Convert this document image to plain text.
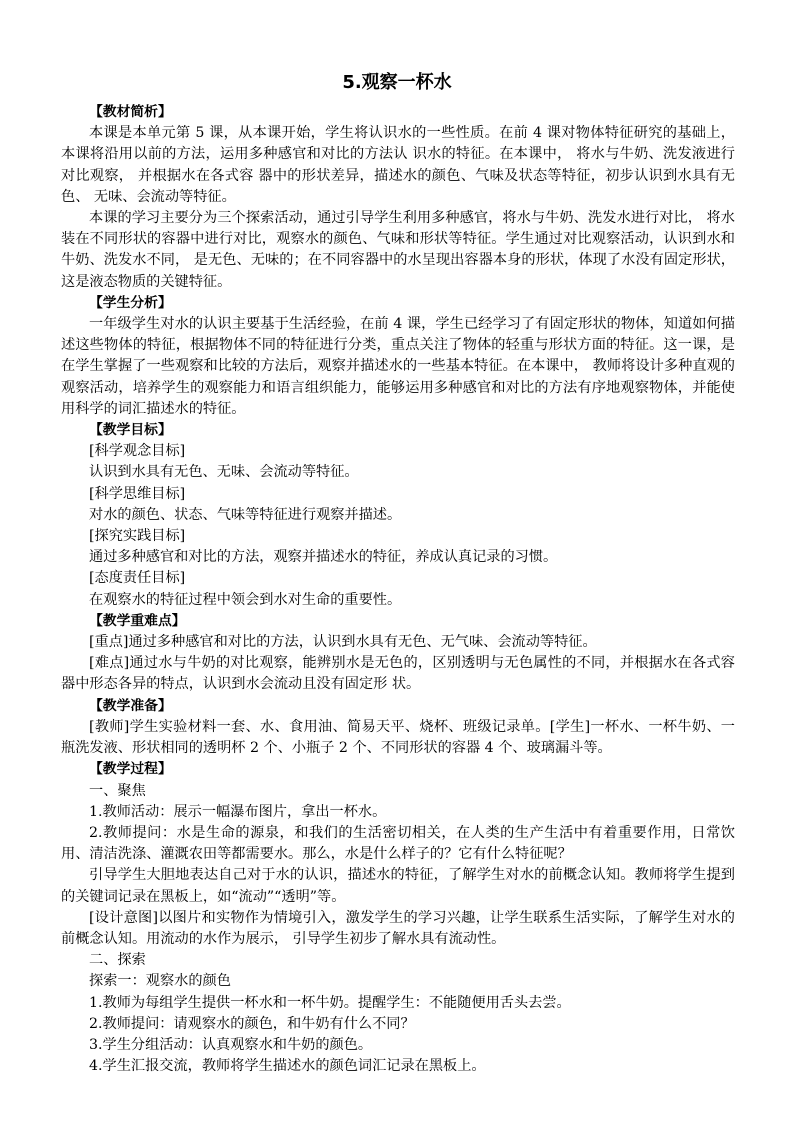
5.观察一杯水
【教材简析】

本课是本单元第 5 课，从本课开始，学生将认识水的一些性质。在前 4 课对物体特征研究的基础上，本课将沿用以前的方法，运用多种感官和对比的方法认 识水的特征。在本课中， 将水与牛奶、洗发液进行对比观察， 并根据水在各式容 器中的形状差异，描述水的颜色、气味及状态等特征，初步认识到水具有无色、 无味、会流动等特征。

本课的学习主要分为三个探索活动，通过引导学生利用多种感官，将水与牛奶、洗发水进行对比， 将水装在不同形状的容器中进行对比，观察水的颜色、气味和形状等特征。学生通过对比观察活动，认识到水和牛奶、洗发水不同， 是无色、无味的；在不同容器中的水呈现出容器本身的形状，体现了水没有固定形状，这是液态物质的关键特征。

【学生分析】

一年级学生对水的认识主要基于生活经验，在前 4 课，学生已经学习了有固定形状的物体，知道如何描述这些物体的特征，根据物体不同的特征进行分类，重点关注了物体的轻重与形状方面的特征。这一课，是在学生掌握了一些观察和比较的方法后，观察并描述水的一些基本特征。在本课中， 教师将设计多种直观的观察活动，培养学生的观察能力和语言组织能力，能够运用多种感官和对比的方法有序地观察物体，并能使用科学的词汇描述水的特征。

【教学目标】
[科学观念目标]
认识到水具有无色、无味、会流动等特征。
[科学思维目标]
对水的颜色、状态、气味等特征进行观察并描述。
[探究实践目标]
通过多种感官和对比的方法，观察并描述水的特征，养成认真记录的习惯。
[态度责任目标]
在观察水的特征过程中领会到水对生命的重要性。
【教学重难点】

[重点]通过多种感官和对比的方法，认识到水具有无色、无气味、会流动等特征。

[难点]通过水与牛奶的对比观察，能辨别水是无色的，区别透明与无色属性的不同，并根据水在各式容器中形态各异的特点，认识到水会流动且没有固定形 状。

【教学准备】

[教师]学生实验材料一套、水、食用油、简易天平、烧杯、班级记录单。[学生]一杯水、一杯牛奶、一瓶洗发液、形状相同的透明杯 2 个、小瓶子 2 个、不同形状的容器 4 个、玻璃漏斗等。

【教学过程】
一、聚焦

1.教师活动：展示一幅瀑布图片，拿出一杯水。

2.教师提问：水是生命的源泉，和我们的生活密切相关，在人类的生产生活中有着重要作用，日常饮用、清洁洗涤、灌溉农田等都需要水。那么，水是什么样子的？它有什么特征呢？

引导学生大胆地表达自己对于水的认识，描述水的特征，了解学生对水的前概念认知。教师将学生提到的关键词记录在黑板上，如“流动”“透明”等。

[设计意图]以图片和实物作为情境引入，激发学生的学习兴趣，让学生联系生活实际，了解学生对水的前概念认知。用流动的水作为展示， 引导学生初步了解水具有流动性。

二、探索
探索一：观察水的颜色

1.教师为每组学生提供一杯水和一杯牛奶。提醒学生：不能随便用舌头去尝。

2.教师提问：请观察水的颜色，和牛奶有什么不同？

3.学生分组活动：认真观察水和牛奶的颜色。

4.学生汇报交流，教师将学生描述水的颜色词汇记录在黑板上。
